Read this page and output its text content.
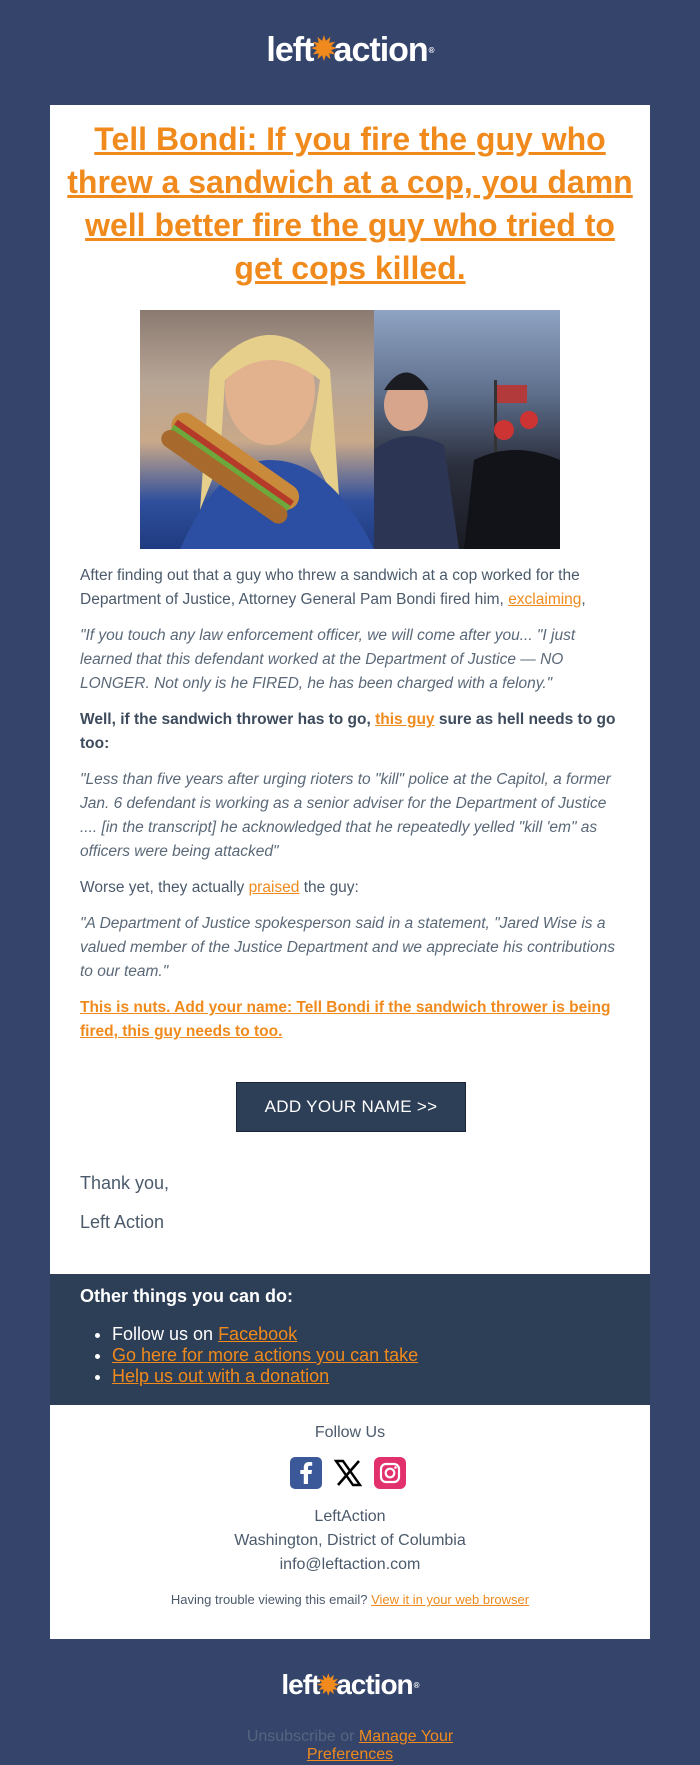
left
✹
action ®
Tell Bondi: If you fire the guy who threw a sandwich at a cop, you damn well better fire the guy who tried to get cops killed.
After finding out that a guy who threw a sandwich at a cop worked for the Department of Justice, Attorney General Pam Bondi fired him, exclaiming,
"If you touch any law enforcement officer, we will come after you... "I just learned that this defendant worked at the Department of Justice — NO LONGER. Not only is he FIRED, he has been charged with a felony."
Well, if the sandwich thrower has to go, this guy sure as hell needs to go too:
"Less than five years after urging rioters to "kill" police at the Capitol, a former Jan. 6 defendant is working as a senior adviser for the Department of Justice .... [in the transcript] he acknowledged that he repeatedly yelled "kill 'em" as officers were being attacked"
Worse yet, they actually praised the guy:
"A Department of Justice spokesperson said in a statement, "Jared Wise is a valued member of the Justice Department and we appreciate his contributions to our team."
This is nuts. Add your name: Tell Bondi if the sandwich thrower is being fired, this guy needs to too.
ADD YOUR NAME >>
Thank you,
Left Action
Other things you can do:
• Follow us on Facebook
• Go here for more actions you can take
• Help us out with a donation
Follow Us
LeftAction
Washington, District of Columbia
info@leftaction.com
Having trouble viewing this email? View it in your web browser
left
✹
action ®
Unsubscribe or Manage Your Preferences
